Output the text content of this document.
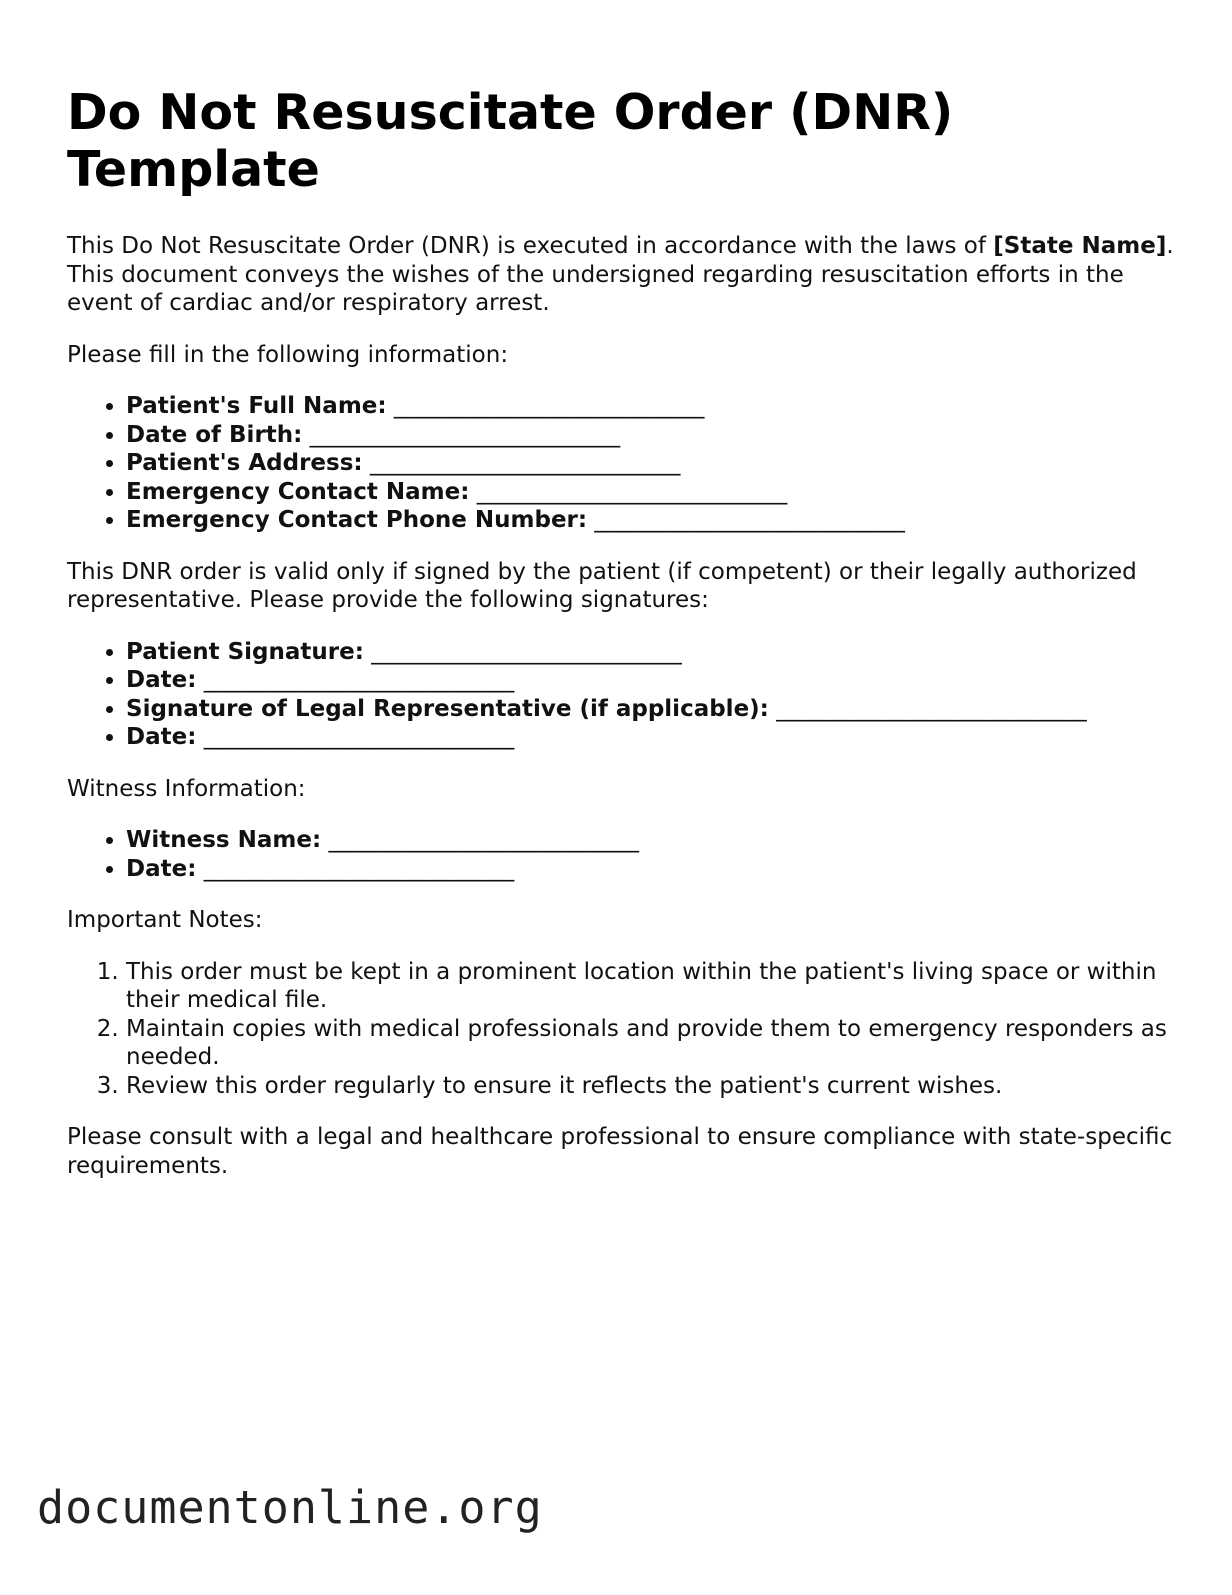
Do Not Resuscitate Order (DNR) Template

This Do Not Resuscitate Order (DNR) is executed in accordance with the laws of [State Name]. This document conveys the wishes of the undersigned regarding resuscitation efforts in the event of cardiac and/or respiratory arrest.

Please fill in the following information:

• Patient's Full Name: ___________________________
• Date of Birth: ___________________________
• Patient's Address: ___________________________
• Emergency Contact Name: ___________________________
• Emergency Contact Phone Number: ___________________________

This DNR order is valid only if signed by the patient (if competent) or their legally authorized representative. Please provide the following signatures:

• Patient Signature: ___________________________
• Date: ___________________________
• Signature of Legal Representative (if applicable): ___________________________
• Date: ___________________________

Witness Information:

• Witness Name: ___________________________
• Date: ___________________________

Important Notes:

1. This order must be kept in a prominent location within the patient's living space or within their medical file.
2. Maintain copies with medical professionals and provide them to emergency responders as needed.
3. Review this order regularly to ensure it reflects the patient's current wishes.

Please consult with a legal and healthcare professional to ensure compliance with state-specific requirements.

documentonline.org
